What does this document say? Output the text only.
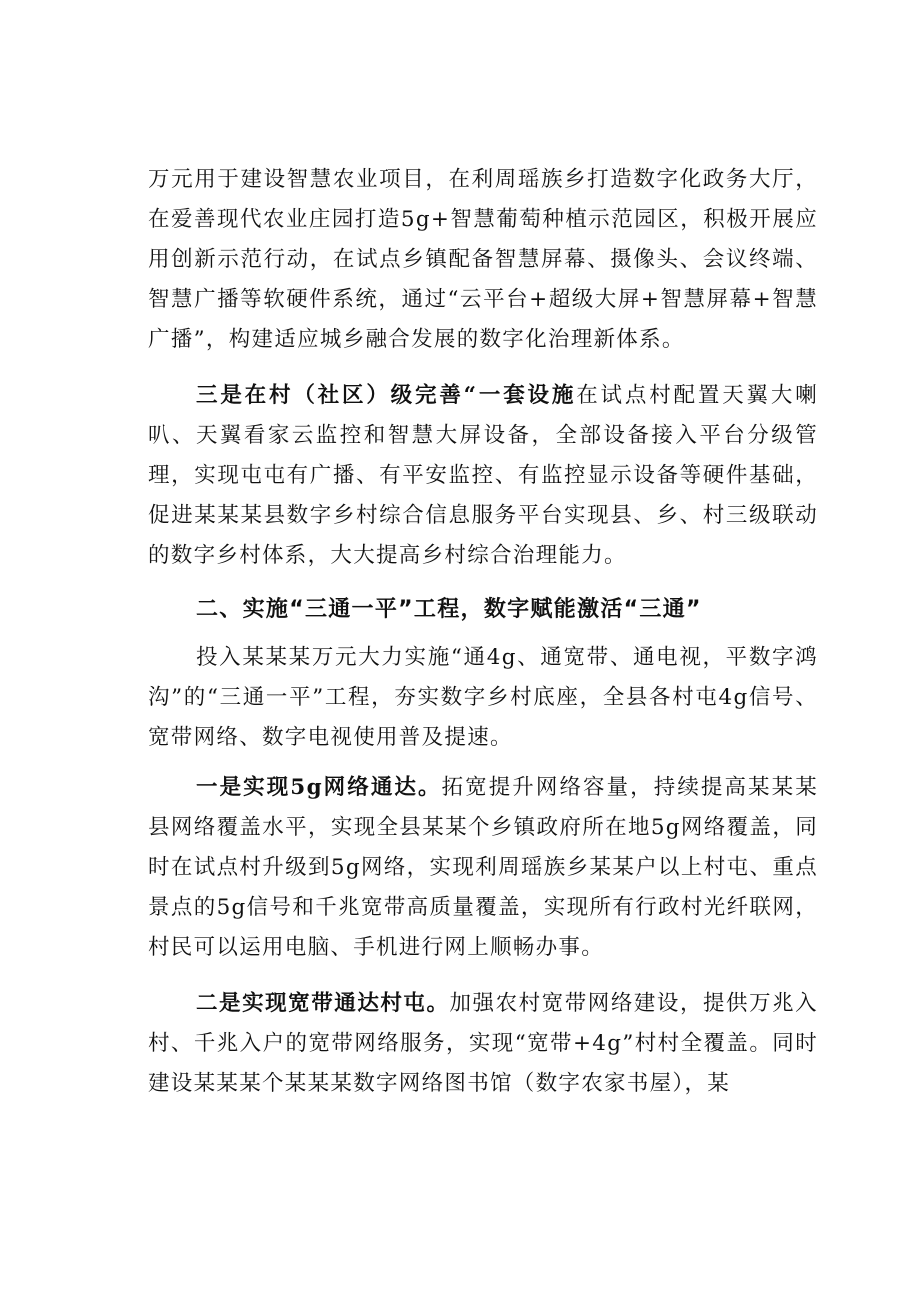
万元用于建设智慧农业项目，在利周瑶族乡打造数字化政务大厅，在爱善现代农业庄园打造5g+智慧葡萄种植示范园区，积极开展应用创新示范行动，在试点乡镇配备智慧屏幕、摄像头、会议终端、智慧广播等软硬件系统，通过“云平台+超级大屏+智慧屏幕+智慧广播”，构建适应城乡融合发展的数字化治理新体系。

三是在村（社区）级完善“一套设施在试点村配置天翼大喇叭、天翼看家云监控和智慧大屏设备，全部设备接入平台分级管理，实现屯屯有广播、有平安监控、有监控显示设备等硬件基础，促进某某某县数字乡村综合信息服务平台实现县、乡、村三级联动的数字乡村体系，大大提高乡村综合治理能力。

二、实施“三通一平”工程，数字赋能激活“三通”

投入某某某万元大力实施“通4g、通宽带、通电视，平数字鸿沟”的“三通一平”工程，夯实数字乡村底座，全县各村屯4g信号、宽带网络、数字电视使用普及提速。

一是实现5g网络通达。拓宽提升网络容量，持续提高某某某县网络覆盖水平，实现全县某某个乡镇政府所在地5g网络覆盖，同时在试点村升级到5g网络，实现利周瑶族乡某某户以上村屯、重点景点的5g信号和千兆宽带高质量覆盖，实现所有行政村光纤联网，村民可以运用电脑、手机进行网上顺畅办事。

二是实现宽带通达村屯。加强农村宽带网络建设，提供万兆入村、千兆入户的宽带网络服务，实现“宽带+4g”村村全覆盖。同时建设某某某个某某某数字网络图书馆（数字农家书屋），某
